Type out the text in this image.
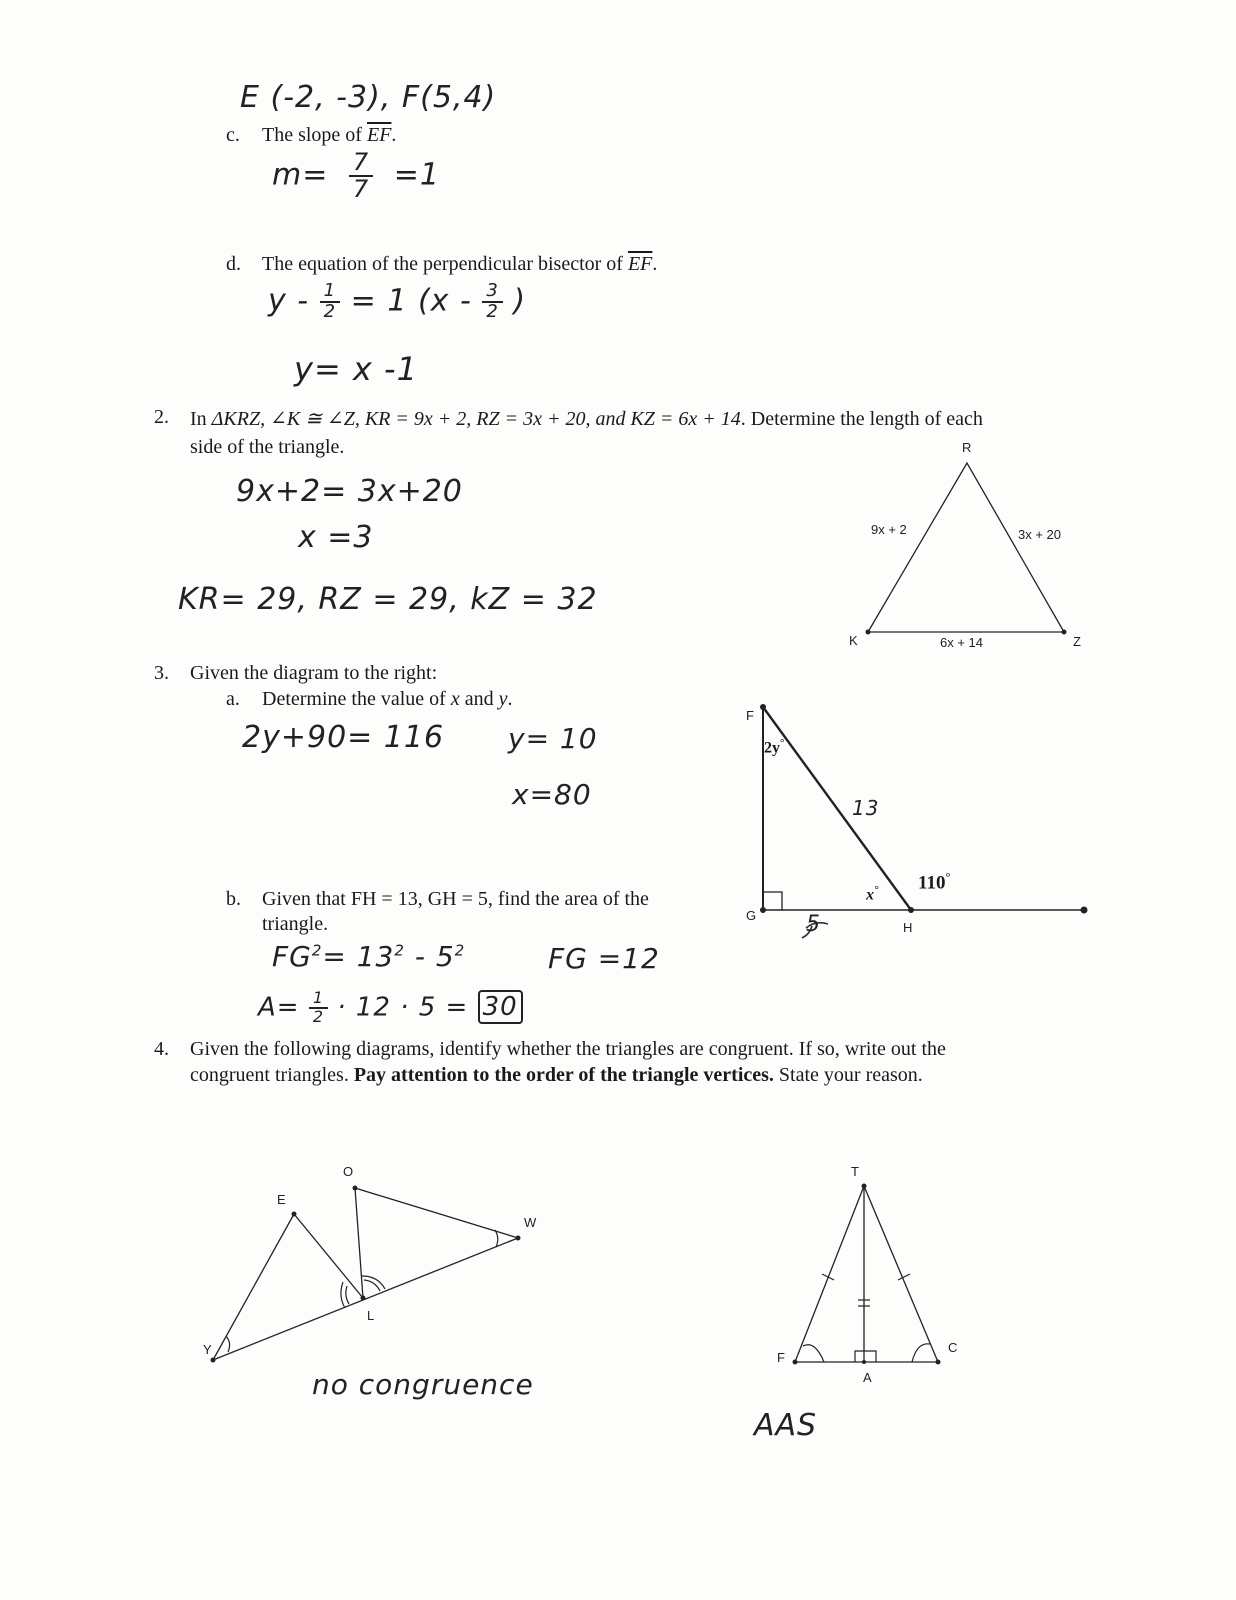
E (-2, -3), F(5,4)
c. The slope of $\overline{EF}$.
$m= \frac{7}{7} =1$
d. The equation of the perpendicular bisector of $\overline{EF}$.
$y - \frac{1}{2} = 1$ ($x - \frac{3}{2}$ )
y= x -1
2. In ΔKRZ, ∠K ≅ ∠Z, KR = 9x + 2, RZ = 3x + 20, and KZ = 6x + 14. Determine the length of each
side of the triangle.
9x+2= 3x+20
x =3
KR= 29, RZ = 29, kZ = 32
R
K	Z
9x + 2	3x + 20
6x + 14
3. Given the diagram to the right:
a. Determine the value of x and y.
2y+90= 116 y= 10
x=80
b. Given that FH = 13, GH = 5, find the area of the
triangle.
$FG^2= 13^2 - 5^2$	FG =12
$A= \frac{1}{2} \cdot 12 \cdot 5 = 30$
F
G
H
2y°
x° 110°
13
5
4. Given the following diagrams, identify whether the triangles are congruent. If so, write out the
congruent triangles. Pay attention to the order of the triangle vertices. State your reason.
E
O
W
L
Y
no congruence
T
F
A
C
AAS
